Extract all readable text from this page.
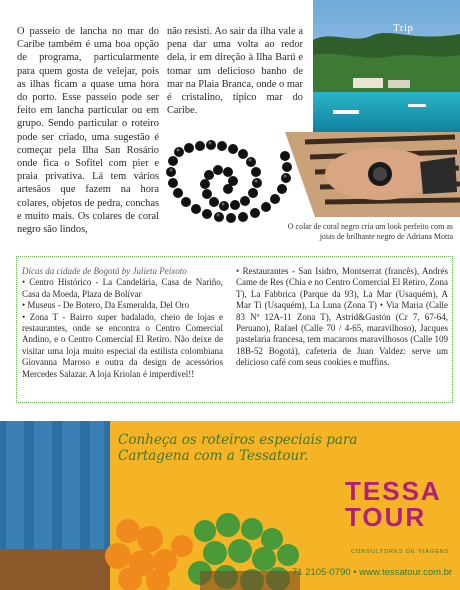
O passeio de lancha no mar do Caribe também é uma boa opção de programa, particularmente para quem gosta de velejar, pois as ilhas ficam a quase uma hora do porto. Esse passeio pode ser feito em lancha particular ou em grupo. Sendo particular o roteiro pode ser criado, uma sugestão é começar pela Ilha San Rosário onde fica o Sofitel com pier e praia privativa. Lá tem vários artesãos que fazem na hora colares, objetos de pedra, conchas e muito mais. Os colares de coral negro são lindos,
não resisti. Ao sair da ilha vale a pena dar uma volta ao redor dela, ir em direção à Ilha Barú e tomar um delicioso banho de mar na Plaia Branca, onde o mar é cristalino, típico mar do Caribe.
Trip
O colar de coral negro cria um look perfeito com as joias de brilhante negro de Adriana Motta

Dicas da cidade de Bogotá by Julieta Peixoto

• Centro Histórico - La Candelária, Casa de Nariño, Casa da Moeda, Plaza de Bolívar

• Museus - De Botero, Da Esmeralda, Del Oro

• Zona T - Bairro super badalado, cheio de lojas e restaurantes, onde se encontra o Centro Comercial Andino, e o Centro Comercial El Retiro. Não deixe de visitar uma loja muito especial da estilista colombiana Giovanna Maroso e outra da design de acessórios Mercedes Salazar. A loja Kriolan é imperdível!!

• Restaurantes - San Isidro, Montserrat (francês), Andrés Came de Res (Chia e no Centro Comercial El Retiro, Zona T), La Fabbrica (Parque da 93), La Mar (Usaquém), A Mar Ti (Usaquém), La Luna (Zona T) • Via Maria (Calle 83 Nº 12A-11 Zona T), Astrid&Gastón (Cr 7, 67-64, Peruano), Rafael (Calle 70 / 4-65, maravilhoso), Jacques pastelaria francesa, tem macarons maravilhosos (Calle 109 18B-52 Bogotá), cafeteria de Juan Valdez: serve um delicioso café com seus cookies e muffins.

Conheça os roteiros especiais para
Cartagena com a Tessatour.
TESSA
TOUR
CONSULTORES DE VIAGENS
71 2105-0790 • www.tessatour.com.br
